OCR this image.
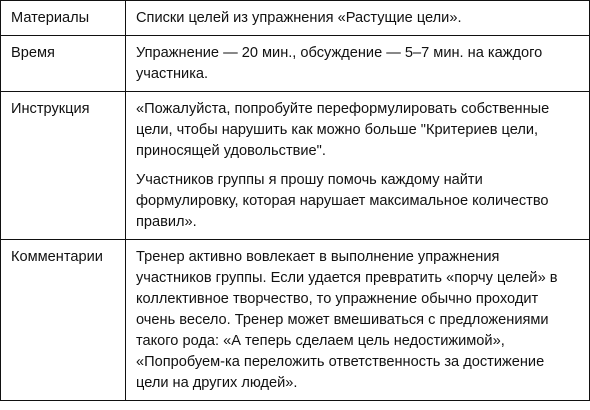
Материалы	Списки целей из упражнения «Растущие цели».

Время	Упражнение — 20 мин., обсуждение — 5–7 мин. на каждого участника.

Инструкция	«Пожалуйста, попробуйте переформулировать собственные цели, чтобы нарушить как можно больше "Критериев цели, приносящей удовольствие".

Участников группы я прошу помочь каждому найти формулировку, которая нарушает максимальное количество правил».

Комментарии	Тренер активно вовлекает в выполнение упражнения участников группы. Если удается превратить «порчу целей» в коллективное творчество, то упражнение обычно проходит очень весело. Тренер может вмешиваться с предложениями такого рода: «А теперь сделаем цель недостижимой», «Попробуем-ка переложить ответственность за достижение цели на других людей».
